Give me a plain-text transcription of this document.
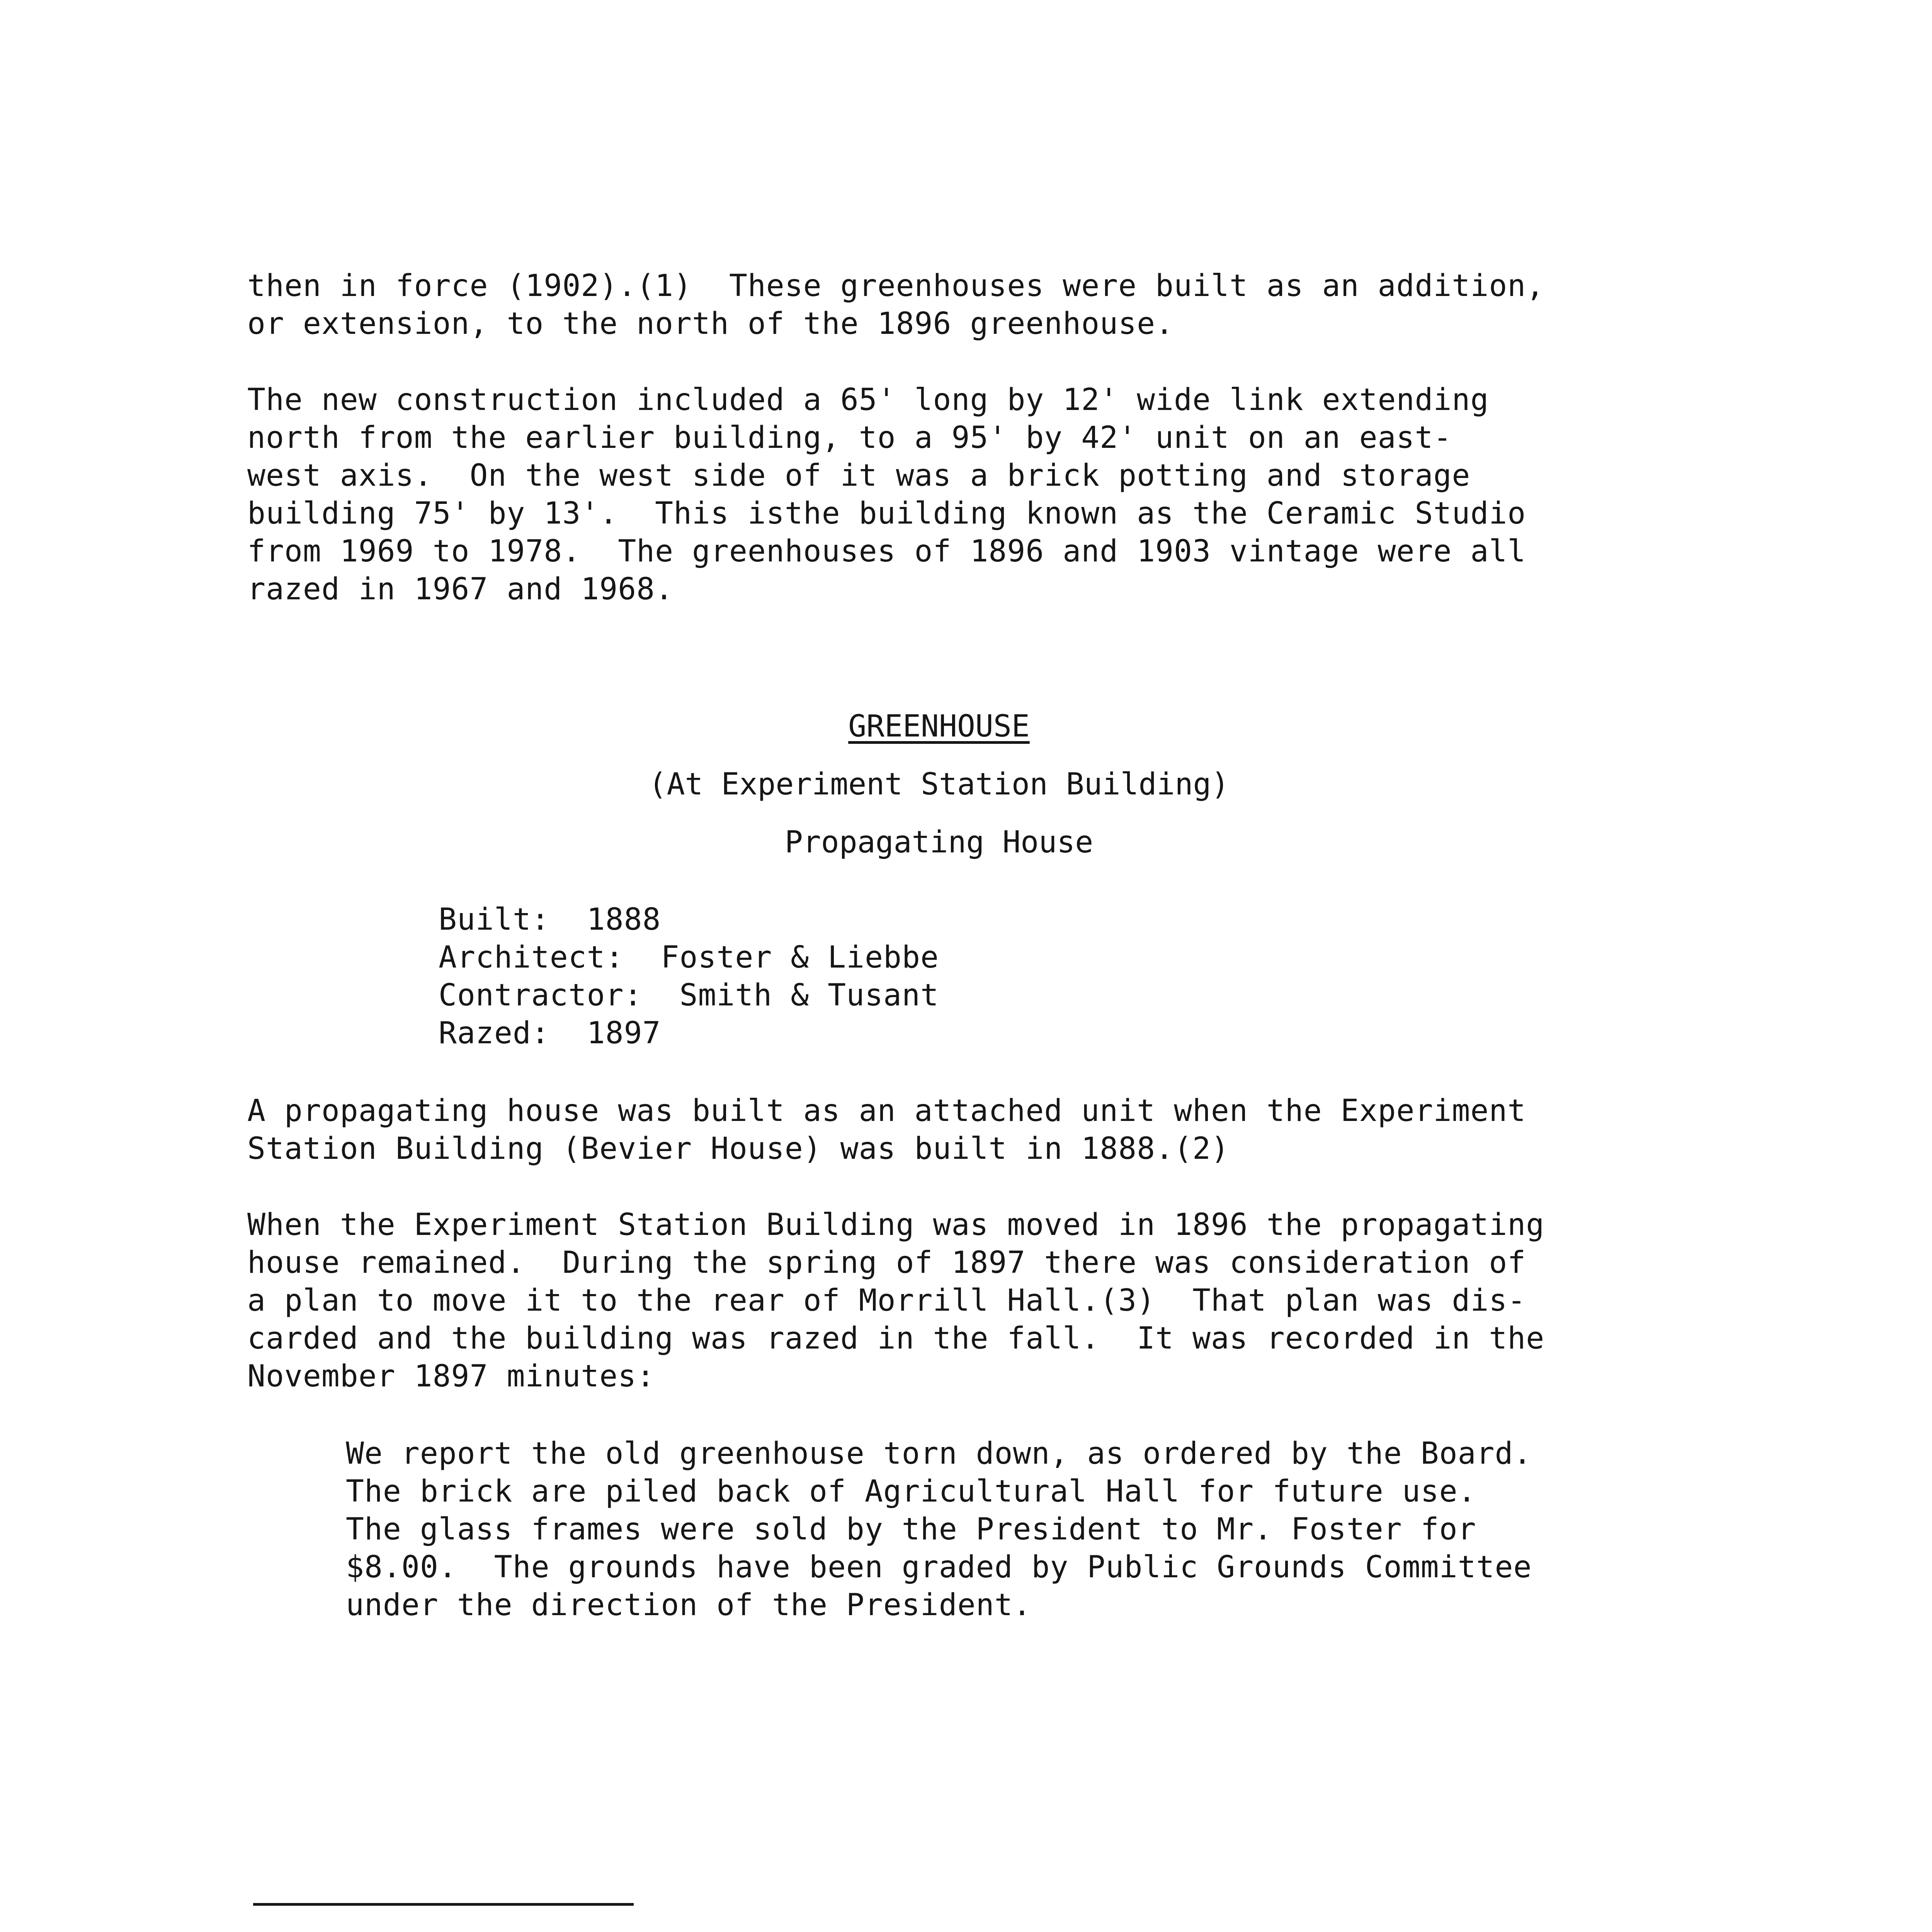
then in force (1902).(1)  These greenhouses were built as an addition,
or extension, to the north of the 1896 greenhouse.
The new construction included a 65' long by 12' wide link extending
north from the earlier building, to a 95' by 42' unit on an east-
west axis.  On the west side of it was a brick potting and storage
building 75' by 13'.  This isthe building known as the Ceramic Studio
from 1969 to 1978.  The greenhouses of 1896 and 1903 vintage were all
razed in 1967 and 1968.
GREENHOUSE
(At Experiment Station Building)
Propagating House
Built:  1888
Architect:  Foster & Liebbe
Contractor:  Smith & Tusant
Razed:  1897
A propagating house was built as an attached unit when the Experiment
Station Building (Bevier House) was built in 1888.(2)
When the Experiment Station Building was moved in 1896 the propagating
house remained.  During the spring of 1897 there was consideration of
a plan to move it to the rear of Morrill Hall.(3)  That plan was dis-
carded and the building was razed in the fall.  It was recorded in the
November 1897 minutes:
We report the old greenhouse torn down, as ordered by the Board.
The brick are piled back of Agricultural Hall for future use.
The glass frames were sold by the President to Mr. Foster for
$8.00.  The grounds have been graded by Public Grounds Committee
under the direction of the President.
